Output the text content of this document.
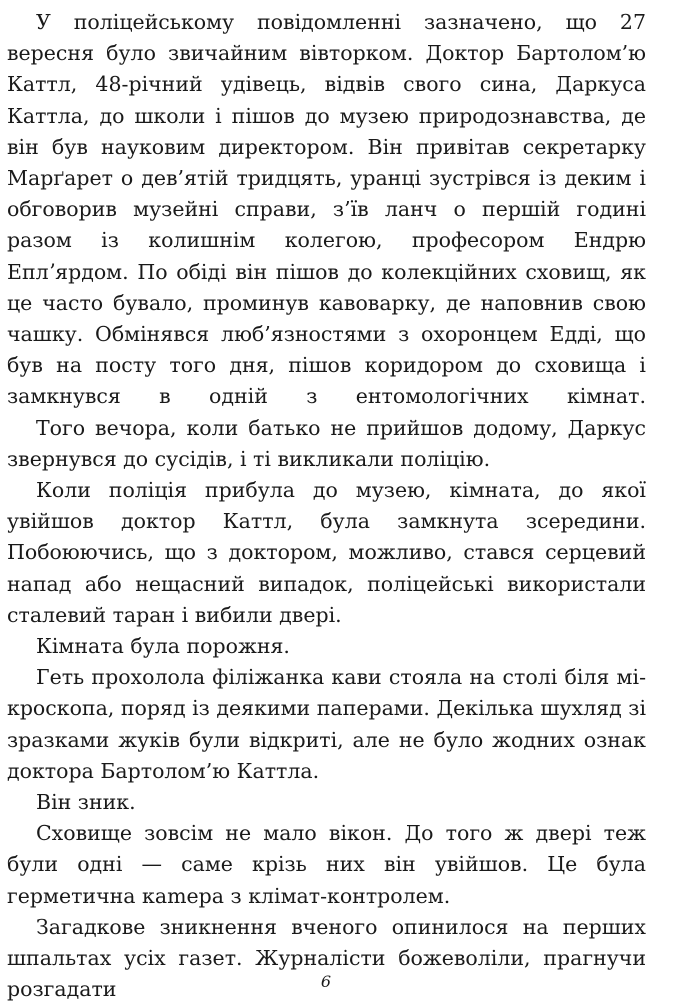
У поліцейському повідомленні зазначено, що 27 вересня було звичайним вівторком. Доктор Бартолом’ю Каттл, 48-річний удівець, відвів свого сина, Даркуса Каттла, до школи і пішов до музею природознавства, де він був науковим директором. Він привітав секретарку Марґарет о дев’ятій тридцять, уранці зустрівся із деким і обговорив музейні справи, з’їв ланч о першій годині разом із колишнім колегою, професором Ендрю Еплʼярдом. По обіді він пішов до колекційних сховищ, як це часто бувало, проминув кавоварку, де наповнив свою чашку. Обмінявся люб’язностями з охоронцем Едді, що був на посту того дня, пішов коридором до сховища і замкнувся в одній з ентомологічних кімнат.

Того вечора, коли батько не прийшов додому, Даркус звернувся до сусідів, і ті викликали поліцію.

Коли поліція прибула до музею, кімната, до якої увійшов доктор Каттл, була замкнута зсередини. Побоюючись, що з доктором, можливо, стався серцевий напад або нещасний випадок, поліцейські використали сталевий таран і вибили двері.

Кімната була порожня.

Геть прохолола філіжанка кави стояла на столі біля мікроскопа, поряд із деякими паперами. Декілька шухляд зі зразками жуків були відкриті, але не було жодних ознак доктора Бартолом’ю Каттла.

Він зник.

Сховище зовсім не мало вікон. До того ж двері теж були одні — саме крізь них він увійшов. Це була герметична каmера з клімат-контролем.

Загадкове зникнення вченого опинилося на перших шпальтах усіх газет. Журналісти божеволіли, прагнучи розгадати	6
